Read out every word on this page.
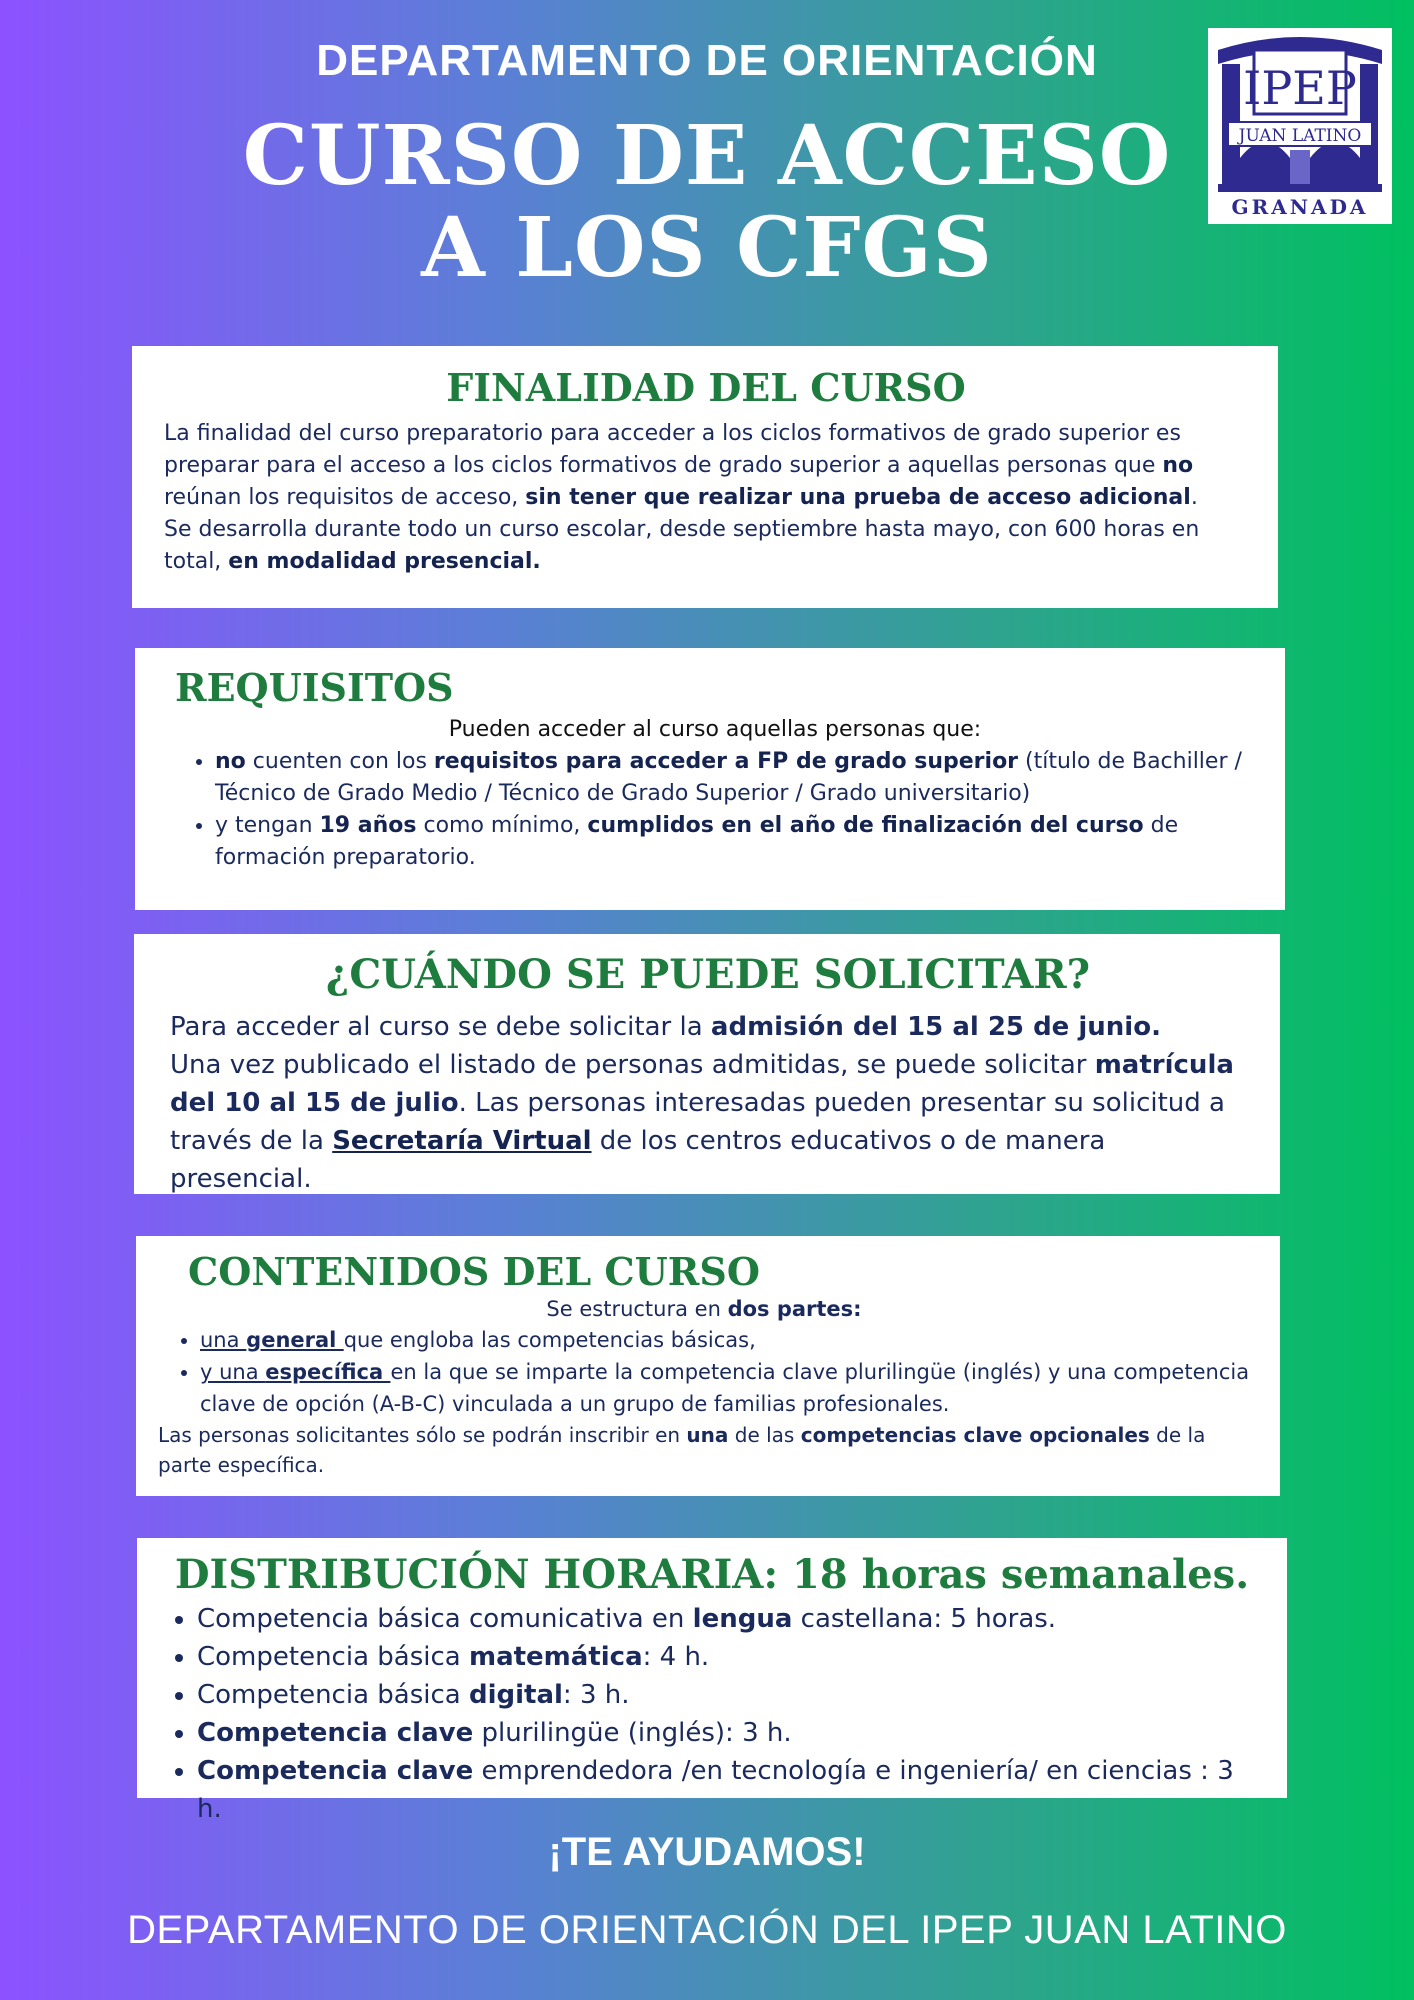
DEPARTAMENTO DE ORIENTACIÓN
CURSO DE ACCESO
A LOS CFGS
IPEP
JUAN LATINO
GRANADA
FINALIDAD DEL CURSO
La finalidad del curso preparatorio para acceder a los ciclos formativos de grado superior es preparar para el acceso a los ciclos formativos de grado superior a aquellas personas que no reúnan los requisitos de acceso, sin tener que realizar una prueba de acceso adicional.
Se desarrolla durante todo un curso escolar, desde septiembre hasta mayo, con 600 horas en total, en modalidad presencial.
REQUISITOS
Pueden acceder al curso aquellas personas que:
• no cuenten con los requisitos para acceder a FP de grado superior (título de Bachiller / Técnico de Grado Medio / Técnico de Grado Superior / Grado universitario)
• y tengan 19 años como mínimo, cumplidos en el año de finalización del curso de formación preparatorio.
¿CUÁNDO SE PUEDE SOLICITAR?
Para acceder al curso se debe solicitar la admisión del 15 al 25 de junio.
Una vez publicado el listado de personas admitidas, se puede solicitar matrícula del 10 al 15 de julio. Las personas interesadas pueden presentar su solicitud a través de la Secretaría Virtual de los centros educativos o de manera presencial.
CONTENIDOS DEL CURSO
Se estructura en dos partes:
• una general que engloba las competencias básicas,
• y una específica en la que se imparte la competencia clave plurilingüe (inglés) y una competencia clave de opción (A-B-C) vinculada a un grupo de familias profesionales.
Las personas solicitantes sólo se podrán inscribir en una de las competencias clave opcionales de la parte específica.
DISTRIBUCIÓN HORARIA: 18 horas semanales.
• Competencia básica comunicativa en lengua castellana: 5 horas.
• Competencia básica matemática: 4 h.
• Competencia básica digital: 3 h.
• Competencia clave plurilingüe (inglés): 3 h.
• Competencia clave emprendedora /en tecnología e ingeniería/ en ciencias : 3 h.
¡TE AYUDAMOS!
DEPARTAMENTO DE ORIENTACIÓN DEL IPEP JUAN LATINO
